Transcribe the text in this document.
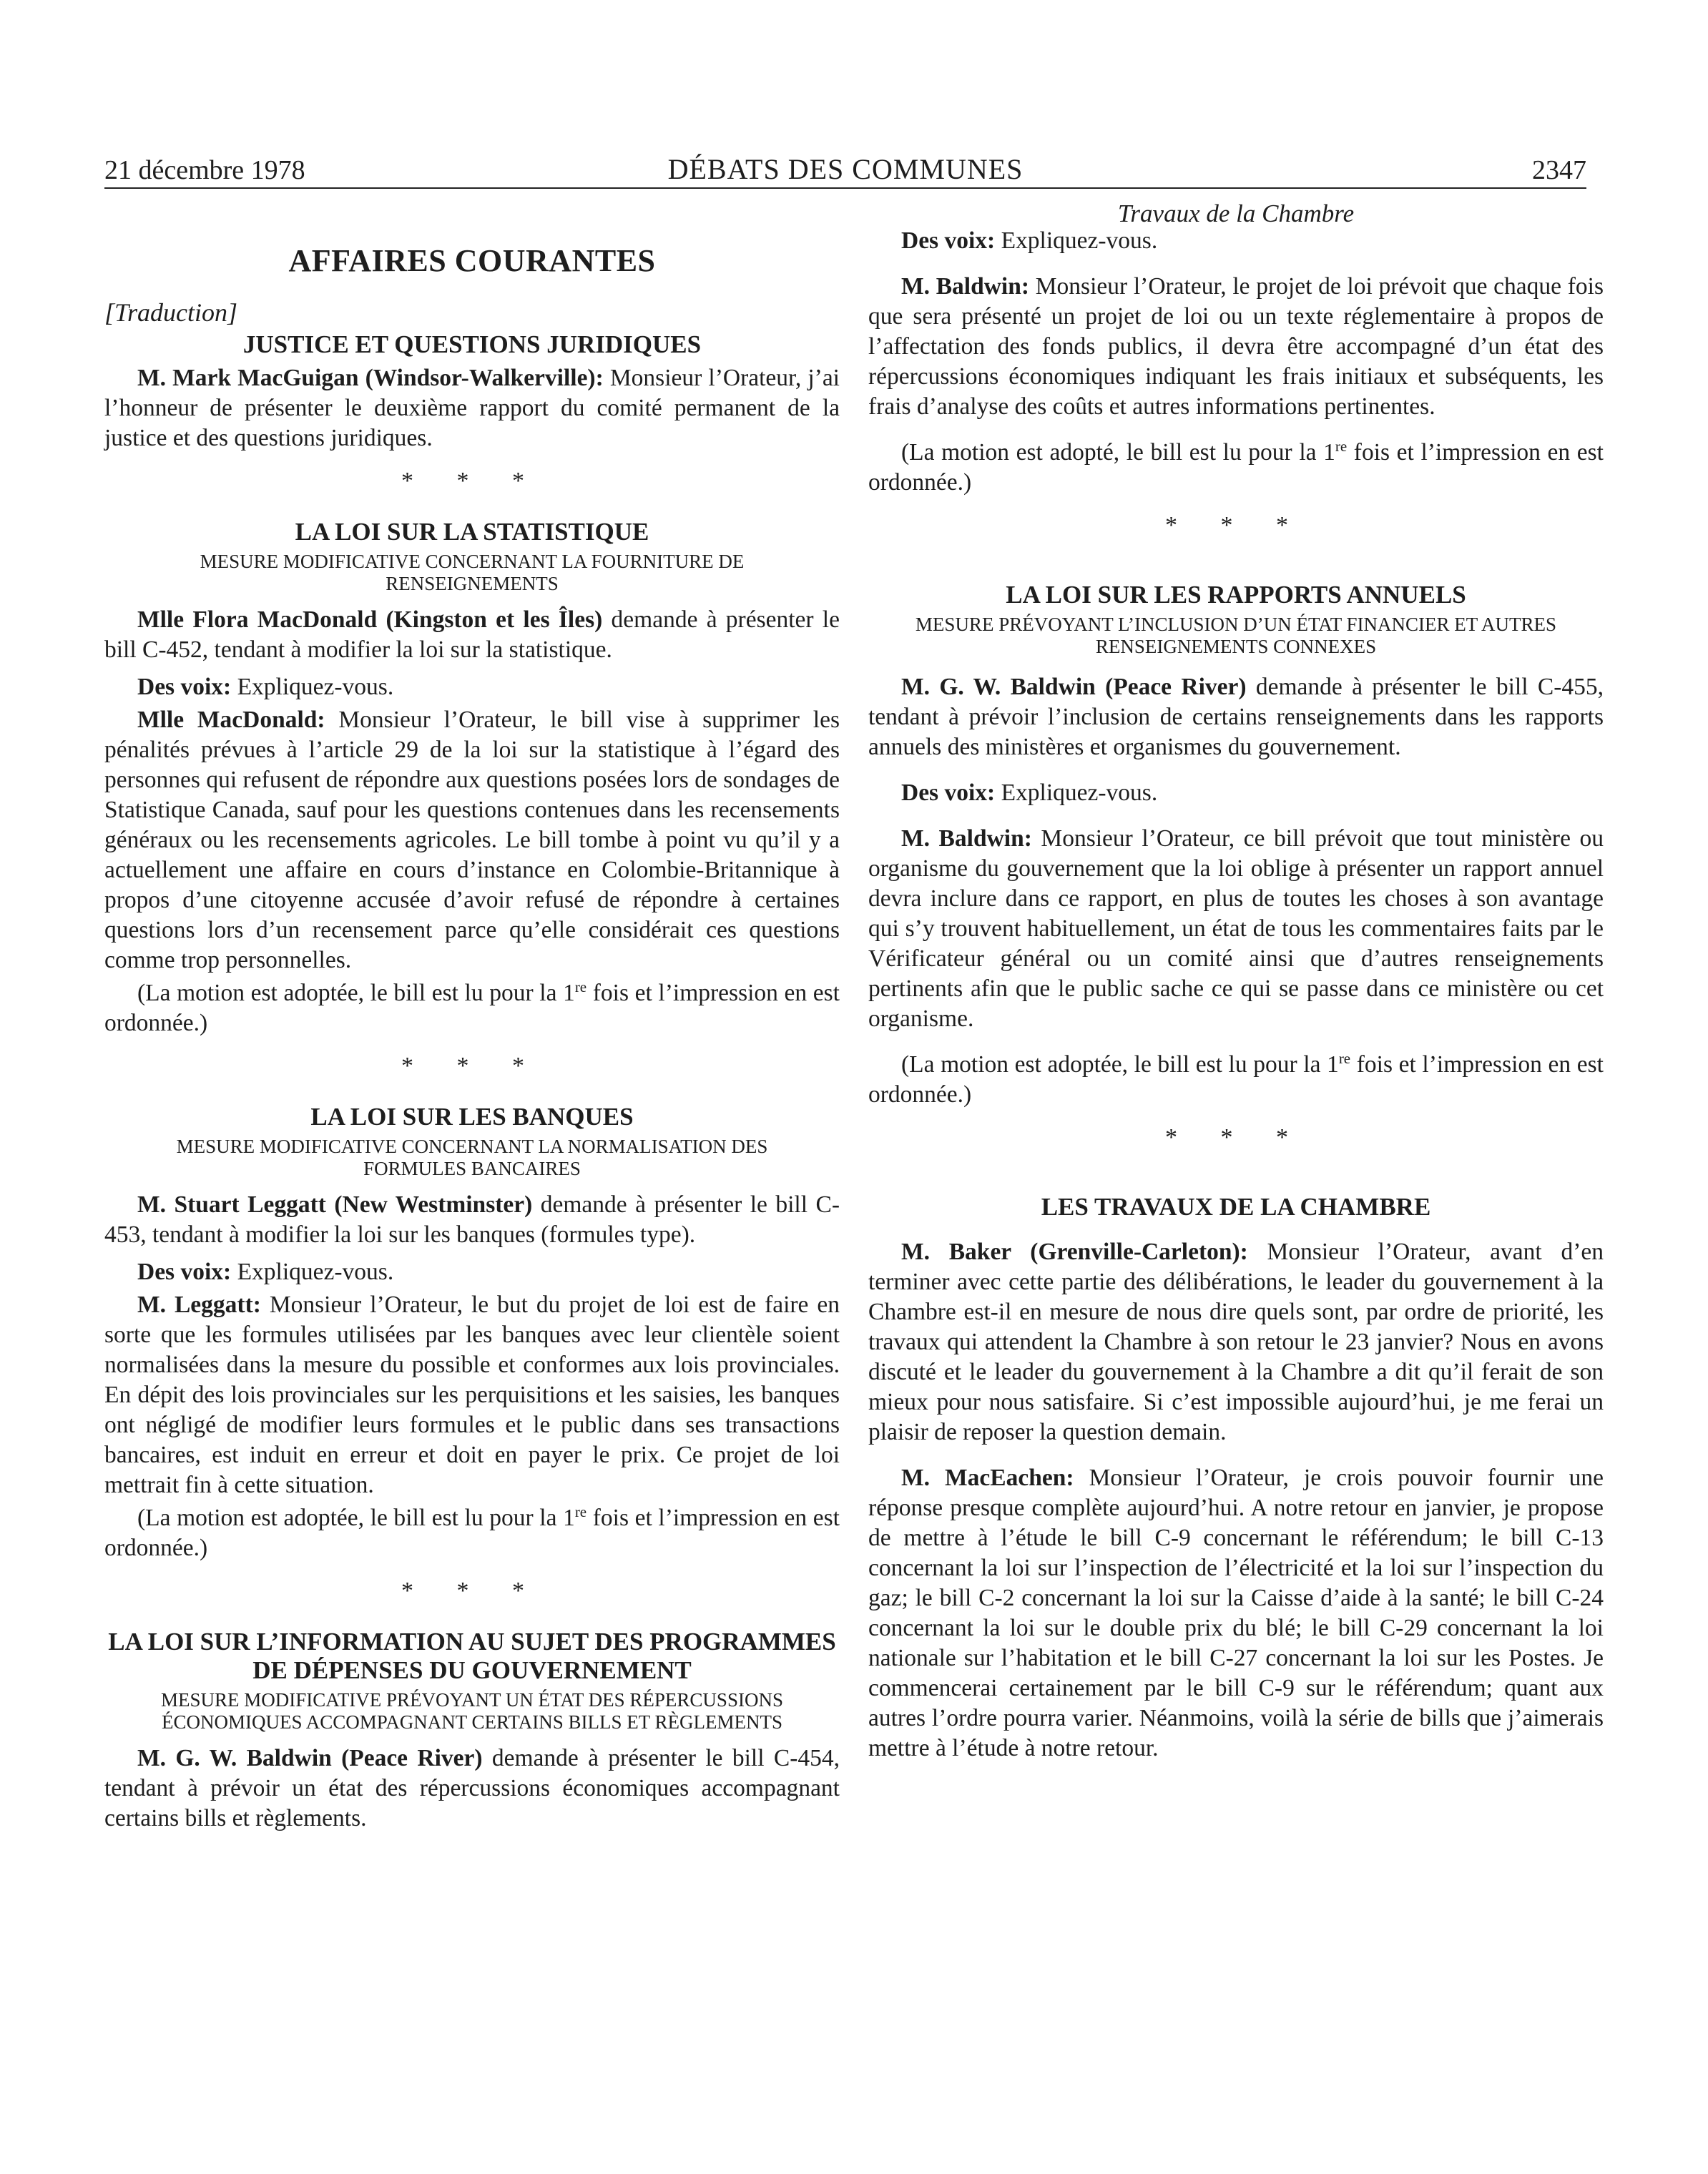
21 décembre 1978	DÉBATS DES COMMUNES	2347
AFFAIRES COURANTES
[Traduction]
JUSTICE ET QUESTIONS JURIDIQUES

M. Mark MacGuigan (Windsor-Walkerville): Monsieur l’Orateur, j’ai l’honneur de présenter le deuxième rapport du comité permanent de la justice et des questions juridiques.

* * *
LA LOI SUR LA STATISTIQUE
MESURE MODIFICATIVE CONCERNANT LA FOURNITURE DE RENSEIGNEMENTS

Mlle Flora MacDonald (Kingston et les Îles) demande à présenter le bill C-452, tendant à modifier la loi sur la statistique.

Des voix: Expliquez-vous.

Mlle MacDonald: Monsieur l’Orateur, le bill vise à supprimer les pénalités prévues à l’article 29 de la loi sur la statistique à l’égard des personnes qui refusent de répondre aux questions posées lors de sondages de Statistique Canada, sauf pour les questions contenues dans les recensements généraux ou les recensements agricoles. Le bill tombe à point vu qu’il y a actuellement une affaire en cours d’instance en Colombie-Britannique à propos d’une citoyenne accusée d’avoir refusé de répondre à certaines questions lors d’un recensement parce qu’elle considérait ces questions comme trop personnelles.

(La motion est adoptée, le bill est lu pour la 1re fois et l’impression en est ordonnée.)

* * *
LA LOI SUR LES BANQUES
MESURE MODIFICATIVE CONCERNANT LA NORMALISATION DES FORMULES BANCAIRES

M. Stuart Leggatt (New Westminster) demande à présenter le bill C-453, tendant à modifier la loi sur les banques (formules type).

Des voix: Expliquez-vous.

M. Leggatt: Monsieur l’Orateur, le but du projet de loi est de faire en sorte que les formules utilisées par les banques avec leur clientèle soient normalisées dans la mesure du possible et conformes aux lois provinciales. En dépit des lois provinciales sur les perquisitions et les saisies, les banques ont négligé de modifier leurs formules et le public dans ses transactions bancaires, est induit en erreur et doit en payer le prix. Ce projet de loi mettrait fin à cette situation.

(La motion est adoptée, le bill est lu pour la 1re fois et l’impression en est ordonnée.)

* * *
LA LOI SUR L’INFORMATION AU SUJET DES PROGRAMMES DE DÉPENSES DU GOUVERNEMENT
MESURE MODIFICATIVE PRÉVOYANT UN ÉTAT DES RÉPERCUSSIONS ÉCONOMIQUES ACCOMPAGNANT CERTAINS BILLS ET RÈGLEMENTS

M. G. W. Baldwin (Peace River) demande à présenter le bill C-454, tendant à prévoir un état des répercussions économiques accompagnant certains bills et règlements.

Travaux de la Chambre

Des voix: Expliquez-vous.

M. Baldwin: Monsieur l’Orateur, le projet de loi prévoit que chaque fois que sera présenté un projet de loi ou un texte réglementaire à propos de l’affectation des fonds publics, il devra être accompagné d’un état des répercussions économiques indiquant les frais initiaux et subséquents, les frais d’analyse des coûts et autres informations pertinentes.

(La motion est adopté, le bill est lu pour la 1re fois et l’impression en est ordonnée.)

* * *
LA LOI SUR LES RAPPORTS ANNUELS
MESURE PRÉVOYANT L’INCLUSION D’UN ÉTAT FINANCIER ET AUTRES RENSEIGNEMENTS CONNEXES

M. G. W. Baldwin (Peace River) demande à présenter le bill C-455, tendant à prévoir l’inclusion de certains renseignements dans les rapports annuels des ministères et organismes du gouvernement.

Des voix: Expliquez-vous.

M. Baldwin: Monsieur l’Orateur, ce bill prévoit que tout ministère ou organisme du gouvernement que la loi oblige à présenter un rapport annuel devra inclure dans ce rapport, en plus de toutes les choses à son avantage qui s’y trouvent habituellement, un état de tous les commentaires faits par le Vérificateur général ou un comité ainsi que d’autres renseignements pertinents afin que le public sache ce qui se passe dans ce ministère ou cet organisme.

(La motion est adoptée, le bill est lu pour la 1re fois et l’impression en est ordonnée.)

* * *
LES TRAVAUX DE LA CHAMBRE

M. Baker (Grenville-Carleton): Monsieur l’Orateur, avant d’en terminer avec cette partie des délibérations, le leader du gouvernement à la Chambre est-il en mesure de nous dire quels sont, par ordre de priorité, les travaux qui attendent la Chambre à son retour le 23 janvier? Nous en avons discuté et le leader du gouvernement à la Chambre a dit qu’il ferait de son mieux pour nous satisfaire. Si c’est impossible aujourd’hui, je me ferai un plaisir de reposer la question demain.

M. MacEachen: Monsieur l’Orateur, je crois pouvoir fournir une réponse presque complète aujourd’hui. A notre retour en janvier, je propose de mettre à l’étude le bill C-9 concernant le référendum; le bill C-13 concernant la loi sur l’inspection de l’électricité et la loi sur l’inspection du gaz; le bill C-2 concernant la loi sur la Caisse d’aide à la santé; le bill C-24 concernant la loi sur le double prix du blé; le bill C-29 concernant la loi nationale sur l’habitation et le bill C-27 concernant la loi sur les Postes. Je commencerai certainement par le bill C-9 sur le référendum; quant aux autres l’ordre pourra varier. Néanmoins, voilà la série de bills que j’aimerais mettre à l’étude à notre retour.
